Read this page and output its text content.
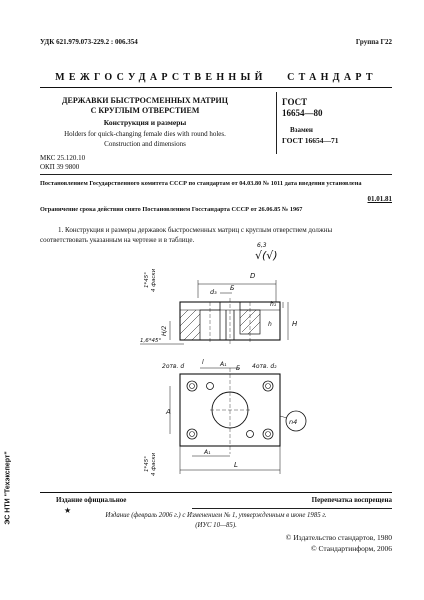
УДК 621.979.073-229.2 : 006.354	Группа Г22
МЕЖГОСУДАРСТВЕННЫЙ   СТАНДАРТ
ДЕРЖАВКИ БЫСТРОСМЕННЫХ МАТРИЦ
С КРУГЛЫМ ОТВЕРСТИЕМ
Конструкция и размеры
Holders for quick-changing female dies with round holes.
Construction and dimensions
ГОСТ
16654—80
Взамен
ГОСТ 16654—71
МКС 25.120.10
ОКП 39 9800
Постановлением Государственного комитета СССР по стандартам от 04.03.80 № 1011 дата введения установлена
01.01.81
Ограничение срока действия снято Постановлением Госстандарта СССР от 26.06.85 № 1967
1. Конструкция и размеры державок быстросменных матриц с круглым отверстием должны
соответствовать указанным на чертеже и в таблице.
6,3
√(√)
D
d₃ Б
1*45° 4 фаски
H
h₁
h
H/2
1,6*45°
2отв. d
l	A₁
Б 4отв. d₂
A
n4
1*45° 4 фаски
A₁
L
Издание официальное
★
Перепечатка воспрещена
Издание (февраль 2006 г.) с Изменением № 1, утвержденным в июне 1985 г.
(ИУС 10—85).
© Издательство стандартов, 1980
© Стандартинформ, 2006
ЭС НТИ "Техэксперт"
